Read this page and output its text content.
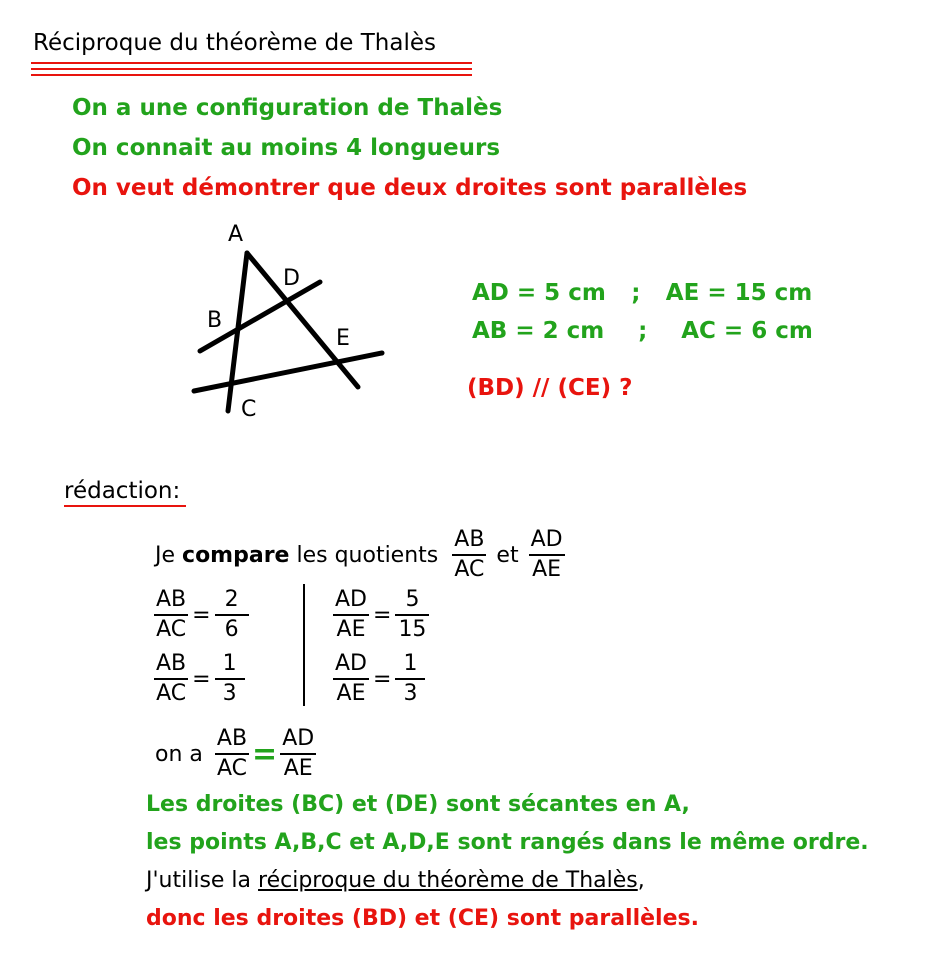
Réciproque du théorème de Thalès
On a une configuration de Thalès
On connait au moins 4 longueurs
On veut démontrer que deux droites sont parallèles
A
B
C
D
E
AD = 5 cm ; AE = 15 cm
AB = 2 cm ; AC = 6 cm
(BD) // (CE) ?
rédaction:
Je compare les quotients $\frac{AB}{AC}$ et $\frac{AD}{AE}$
$\frac{AB}{AC} = \frac{2}{6}$
$\frac{AB}{AC} = \frac{1}{3}$
$\frac{AD}{AE} = \frac{5}{15}$
$\frac{AD}{AE} = \frac{1}{3}$
on a $\frac{AB}{AC} = \frac{AD}{AE}$
Les droites (BC) et (DE) sont sécantes en A,
les points A,B,C et A,D,E sont rangés dans le même ordre.
J'utilise la réciproque du théorème de Thalès,
donc les droites (BD) et (CE) sont parallèles.
